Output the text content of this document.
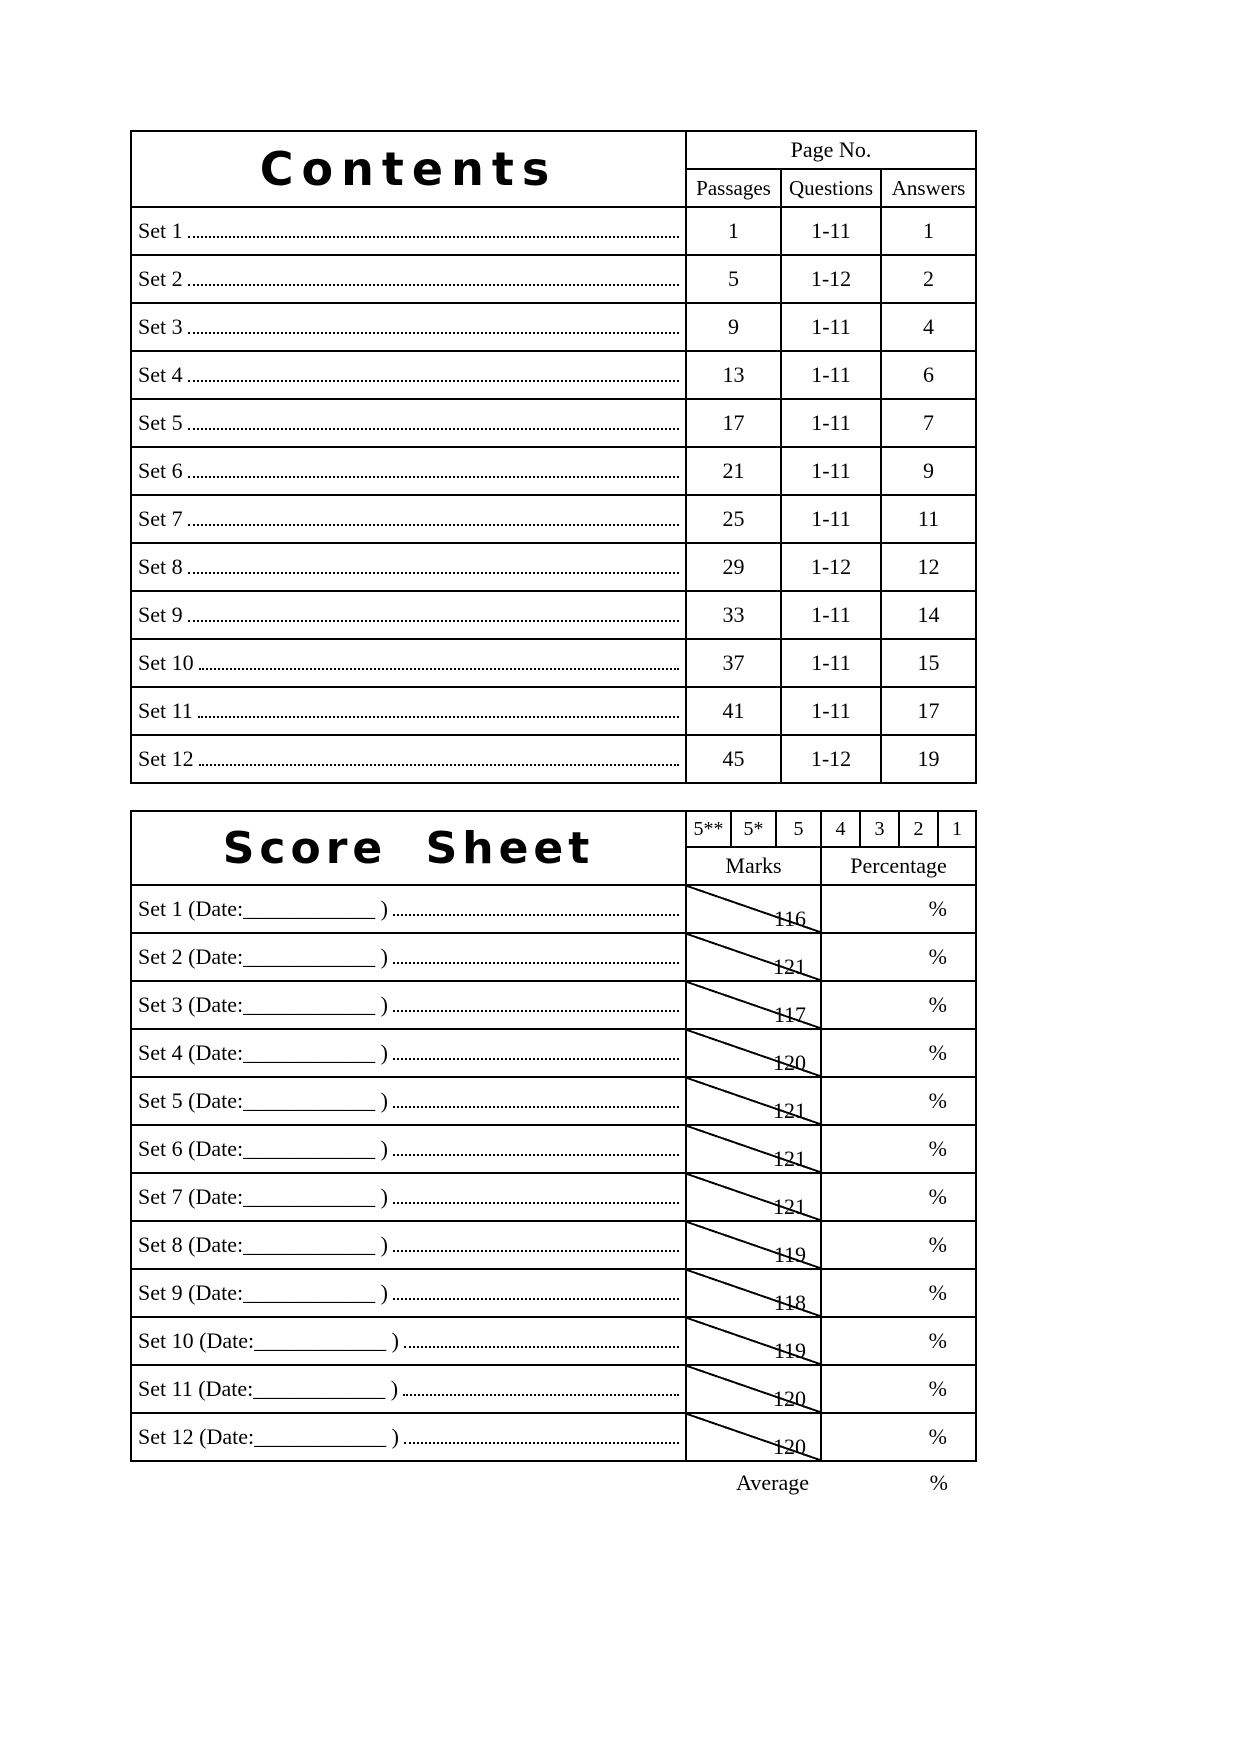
Contents	Page No.		
	Passages	Questions	Answers

Set 1	1	1-11	1

Set 2	5	1-12	2

Set 3	9	1-11	4

Set 4	13	1-11	6

Set 5	17	1-11	7

Set 6	21	1-11	9

Set 7	25	1-11	11

Set 8	29	1-12	12

Set 9	33	1-11	14

Set 10	37	1-11	15

Set 11	41	1-11	17

Set 12	45	1-12	19
Score Sheet	5**	5*	5	4	3	2	1
	Marks			Percentage			

Set 1 (Date:____________ )	116			%			

Set 2 (Date:____________ )	121			%			

Set 3 (Date:____________ )	117			%			

Set 4 (Date:____________ )	120			%			

Set 5 (Date:____________ )	121			%			

Set 6 (Date:____________ )	121			%			

Set 7 (Date:____________ )	121			%			

Set 8 (Date:____________ )	119			%			

Set 9 (Date:____________ )	118			%			

Set 10 (Date:____________ )	119			%			

Set 11 (Date:____________ )	120			%			

Set 12 (Date:____________ )	120			%			
	Average			%			
